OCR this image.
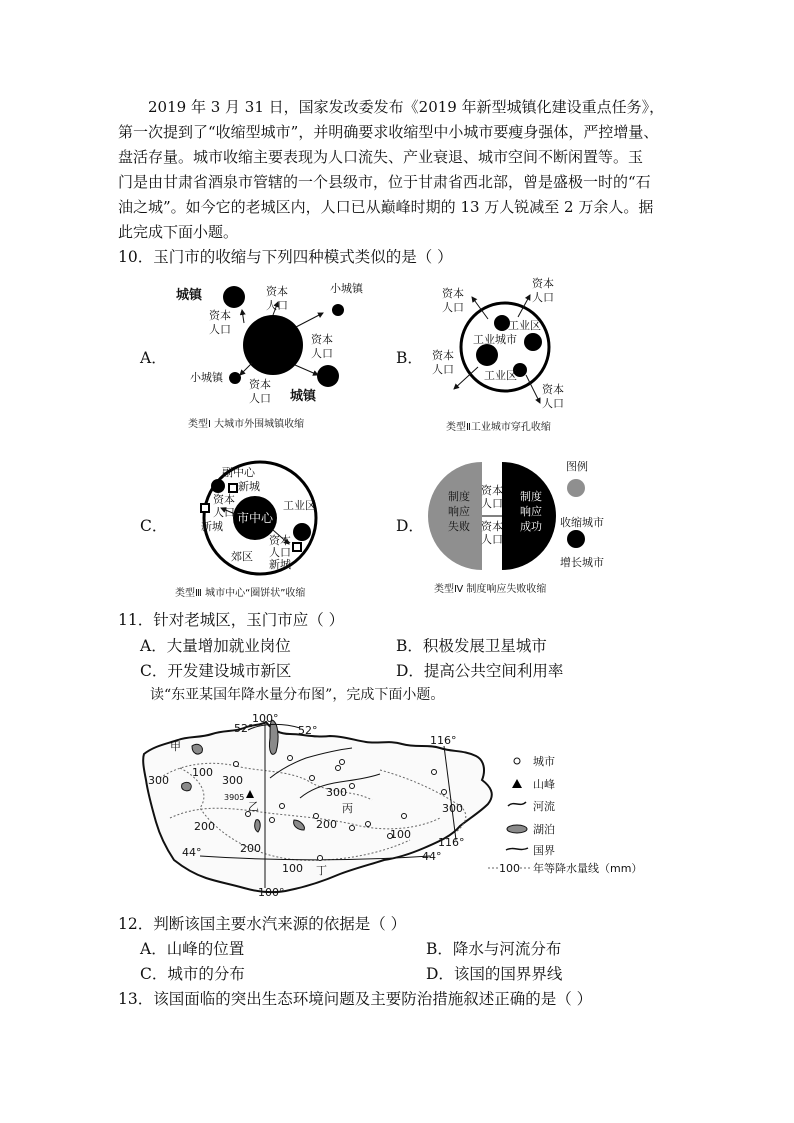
2019 年 3 月 31 日，国家发改委发布《2019 年新型城镇化建设重点任务》，

第一次提到了“收缩型城市”，并明确要求收缩型中小城市要瘦身强体，严控增量、

盘活存量。城市收缩主要表现为人口流失、产业衰退、城市空间不断闲置等。玉

门是由甘肃省酒泉市管辖的一个县级市，位于甘肃省西北部，曾是盛极一时的“石

油之城”。如今它的老城区内，人口已从巅峰时期的 13 万人锐减至 2 万余人。据

此完成下面小题。

10．玉门市的收缩与下列四种模式类似的是（ ）
A．	B．
C．	D．
城镇
资本
人口
资本
人口
小城镇
资本
人口
小城镇
资本
人口 城镇
类型Ⅰ 大城市外围城镇收缩
资本
人口
资本
人口
工业区
工业城市
资本
人口	工业区
资本
人口
类型Ⅱ工业城市穿孔收缩
副中心
新城
资本
人口
新城
市中心
工业区
资本
人口
新城
郊区
类型Ⅲ 城市中心“圈饼状”收缩
制度
响应
失败
资本
人口
资本
人口
制度
响应
成功
图例
收缩城市
增长城市
类型Ⅳ 制度响应失败收缩
11．针对老城区，玉门市应（ ）
A．大量增加就业岗位	B．积极发展卫星城市
C．开发建设城市新区	D．提高公共空间利用率
读“东亚某国年降水量分布图”，完成下面小题。
3905
100°
52°	52°
116°
116°
44°	44°
100°
甲
乙	丙
丁
300
100
300
300
200	200
200
100
100
300
城市
山峰
河流
湖泊
国界
100 年等降水量线（mm）
12．判断该国主要水汽来源的依据是（ ）
A．山峰的位置	B．降水与河流分布
C．城市的分布	D．该国的国界界线
13．该国面临的突出生态环境问题及主要防治措施叙述正确的是（ ）
